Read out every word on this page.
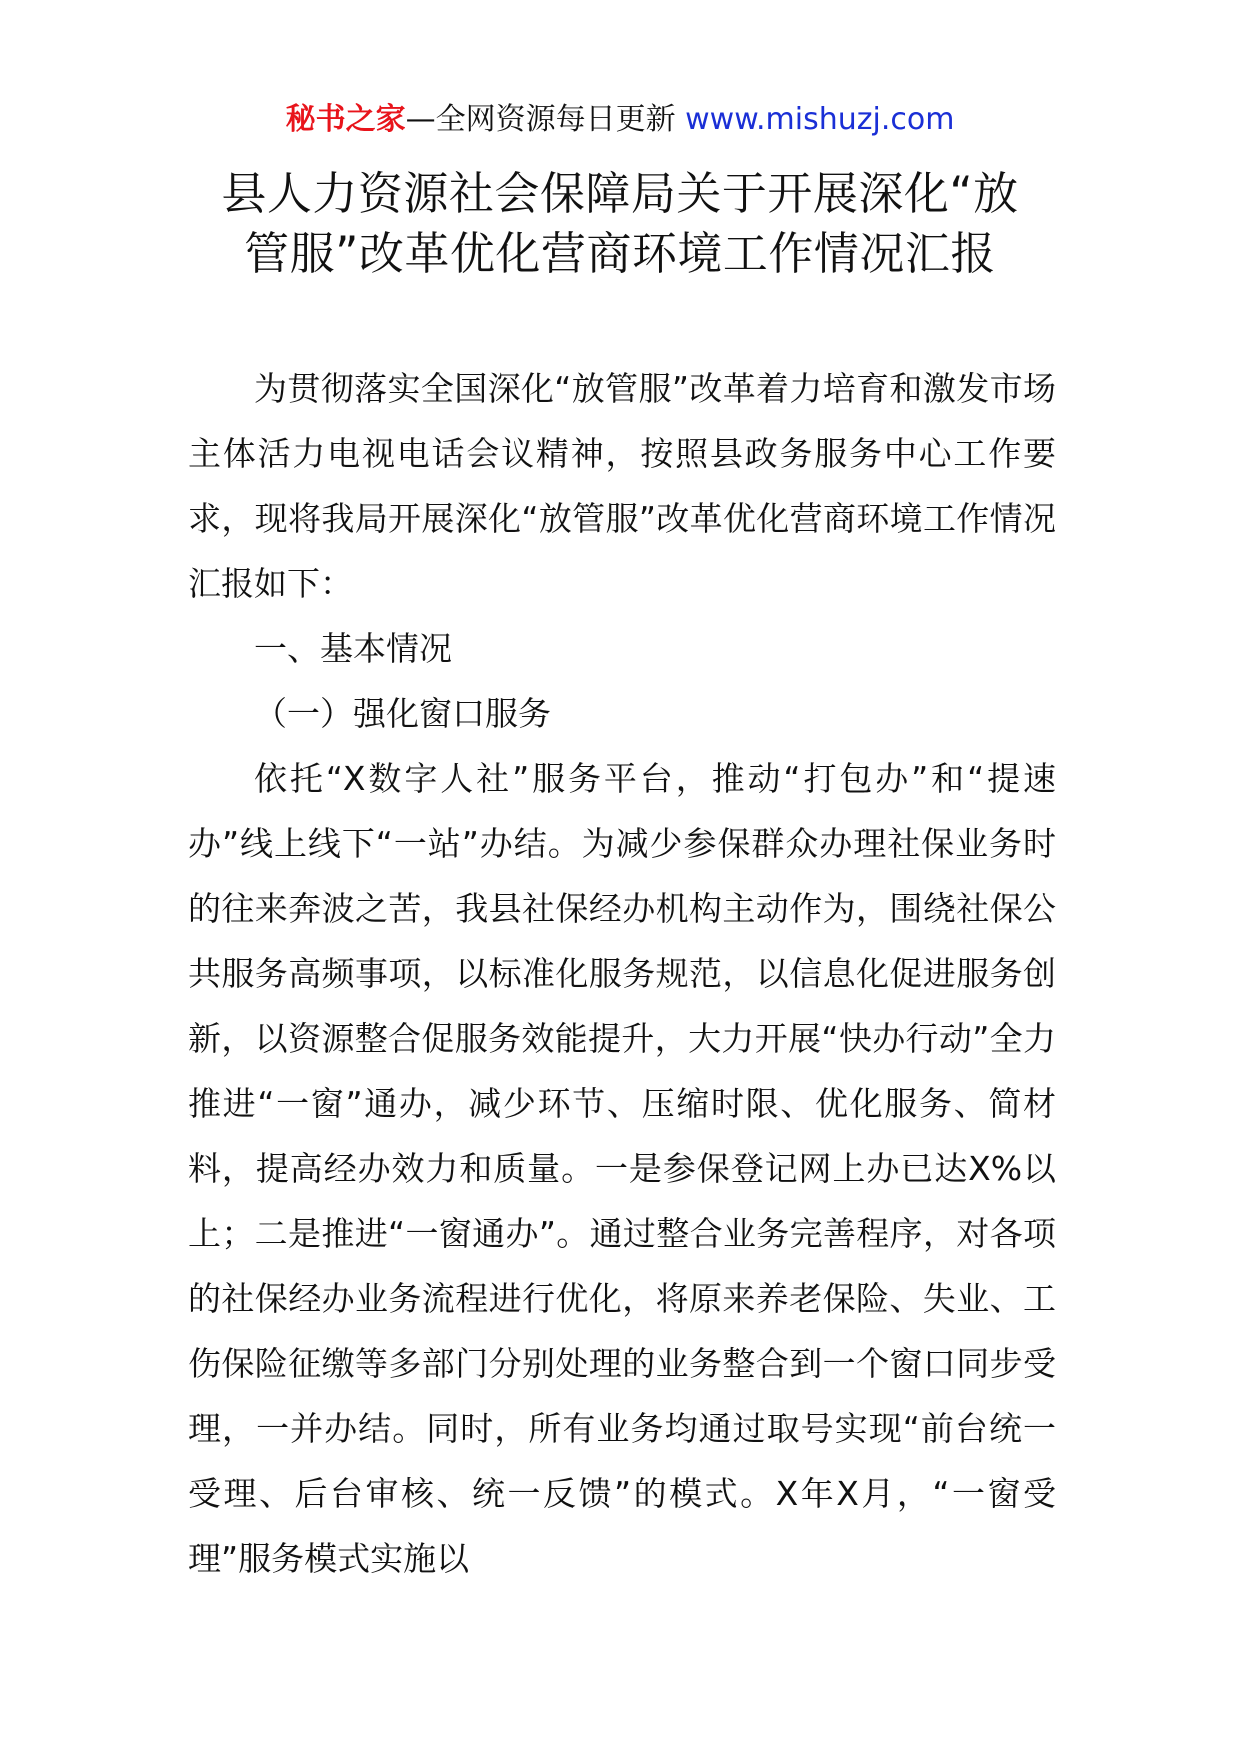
秘书之家—全网资源每日更新 www.mishuzj.com
县人力资源社会保障局关于开展深化“放
管服”改革优化营商环境工作情况汇报

为贯彻落实全国深化“放管服”改革着力培育和激发市场主体活力电视电话会议精神，按照县政务服务中心工作要求，现将我局开展深化“放管服”改革优化营商环境工作情况汇报如下：

一、基本情况

（一）强化窗口服务

依托“X数字人社”服务平台，推动“打包办”和“提速办”线上线下“一站”办结。为减少参保群众办理社保业务时的往来奔波之苦，我县社保经办机构主动作为，围绕社保公共服务高频事项，以标准化服务规范，以信息化促进服务创新，以资源整合促服务效能提升，大力开展“快办行动”全力推进“一窗”通办，减少环节、压缩时限、优化服务、简材料，提高经办效力和质量。一是参保登记网上办已达X%以上；二是推进“一窗通办”。通过整合业务完善程序，对各项的社保经办业务流程进行优化，将原来养老保险、失业、工伤保险征缴等多部门分别处理的业务整合到一个窗口同步受理，一并办结。同时，所有业务均通过取号实现“前台统一受理、后台审核、统一反馈”的模式。X年X月，“一窗受理”服务模式实施以
